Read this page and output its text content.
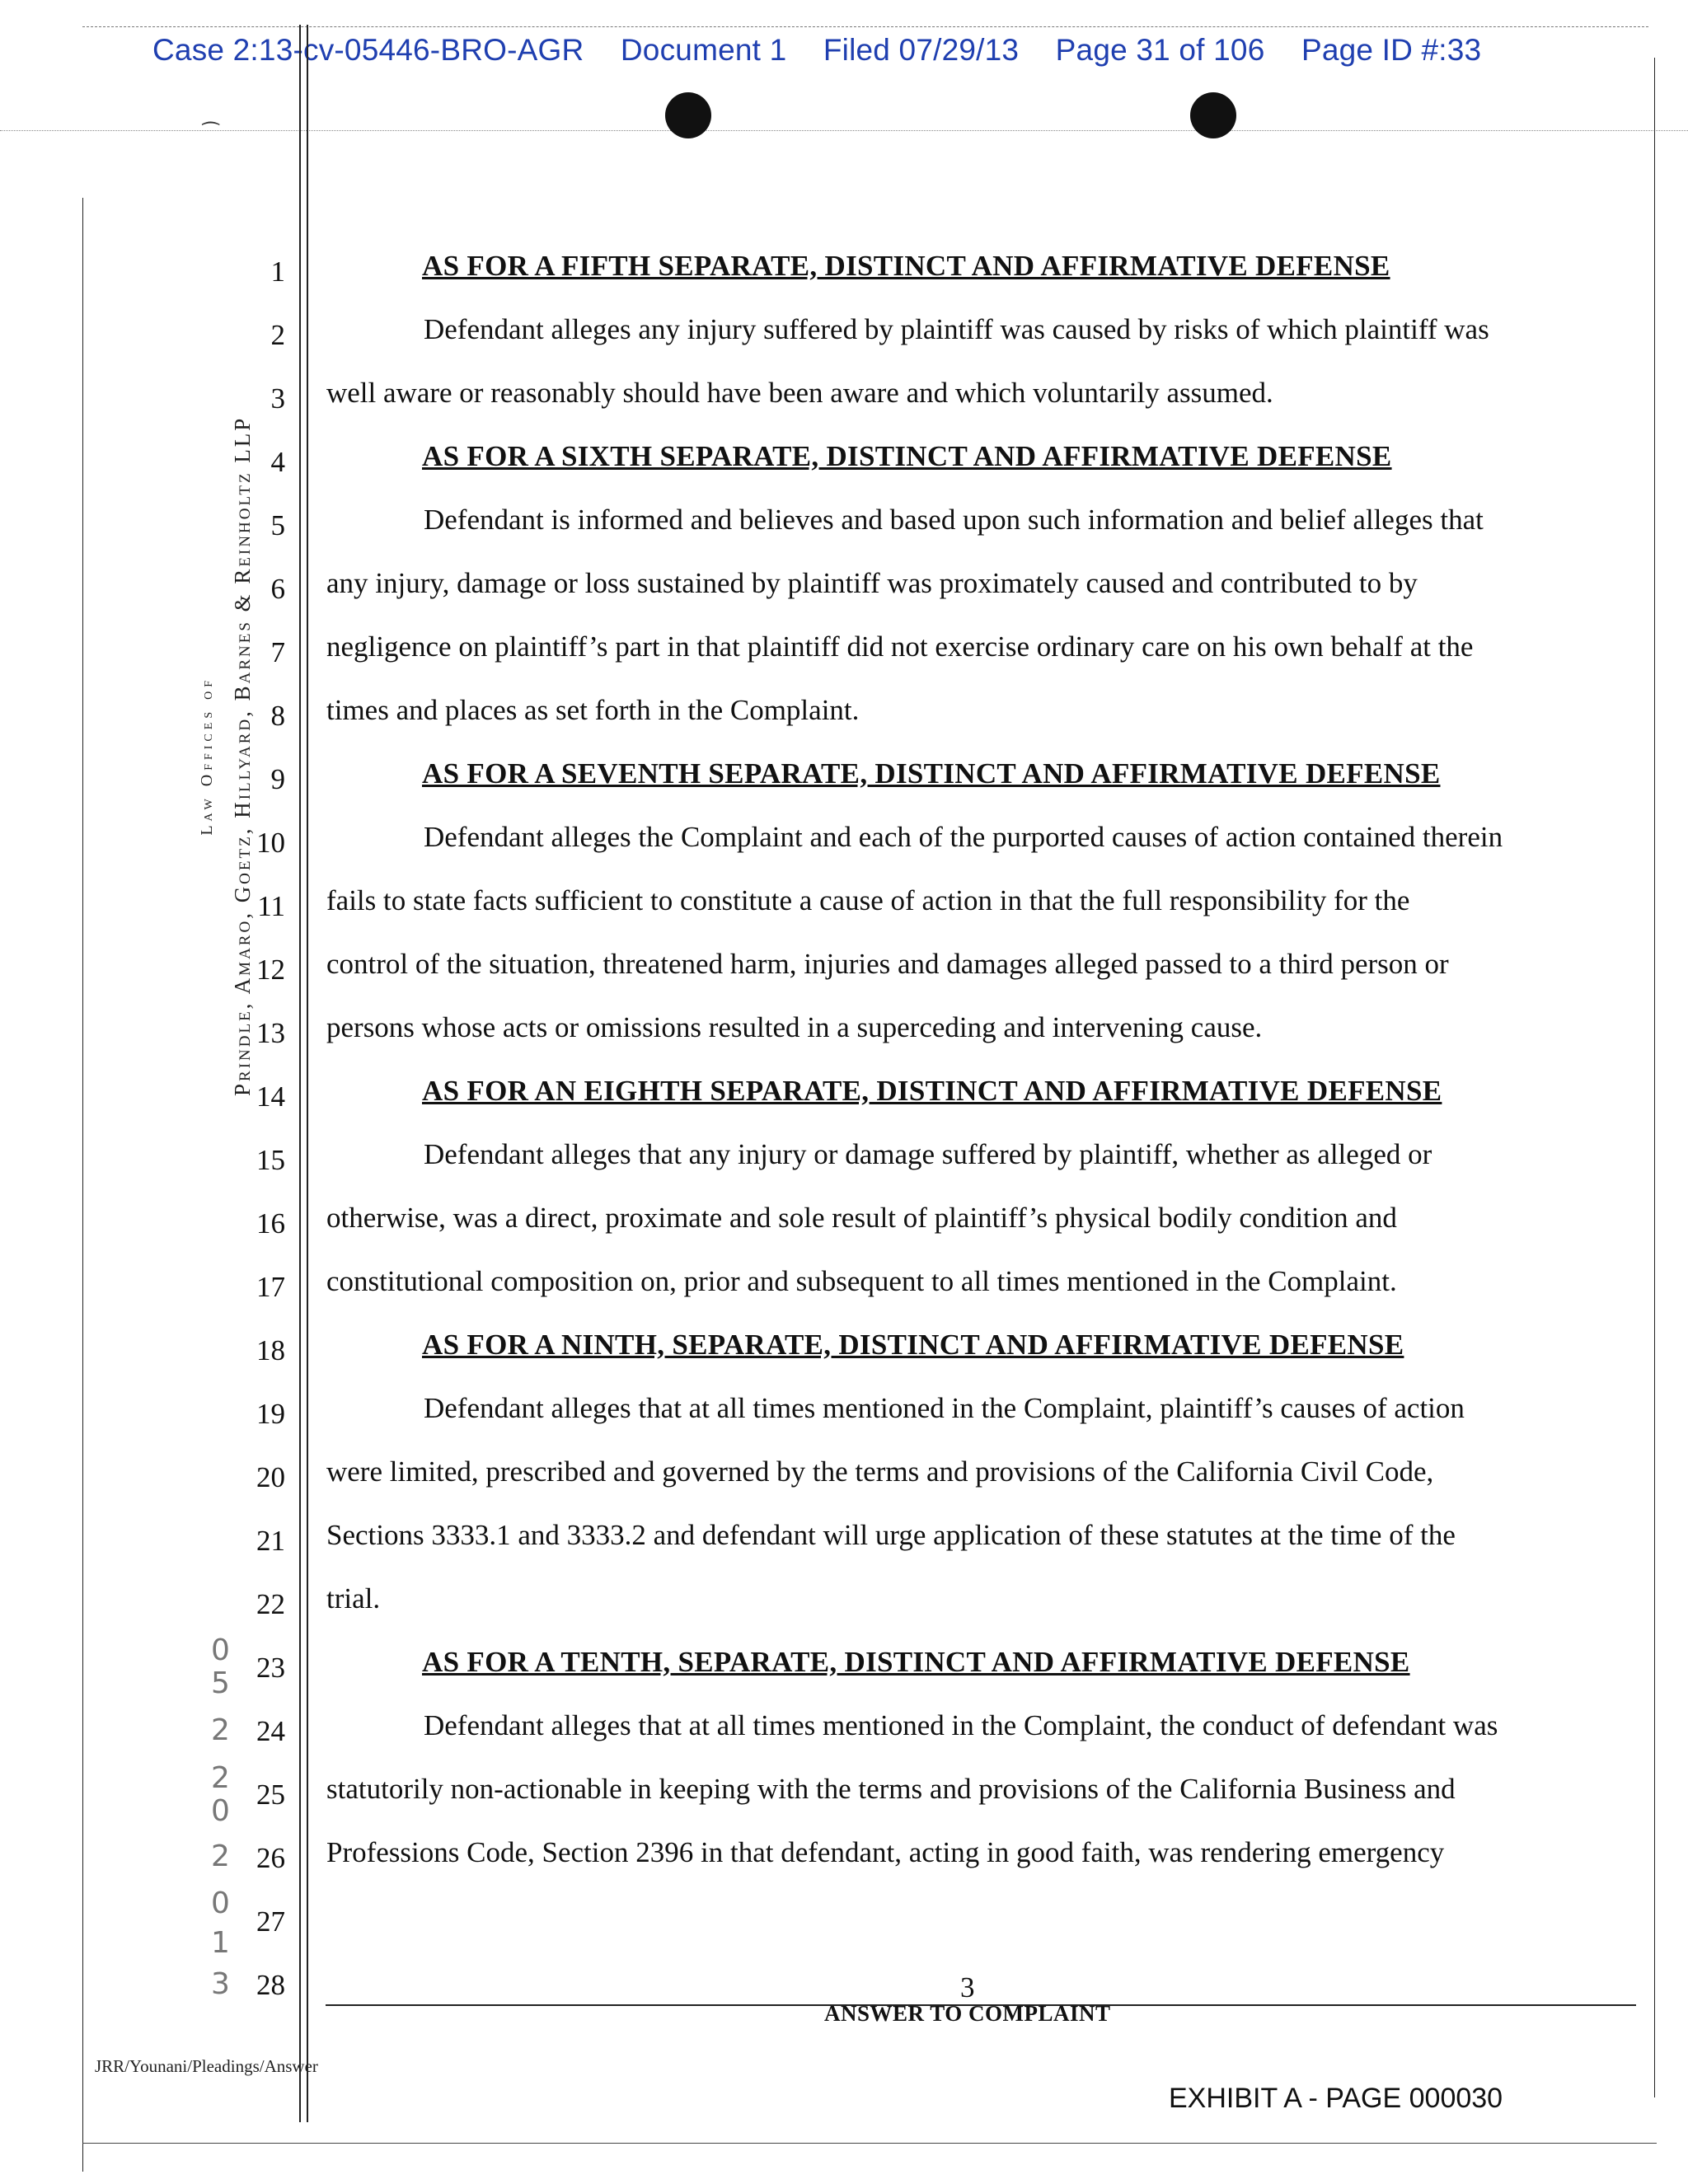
Case 2:13-cv-05446-BRO-AGR Document 1 Filed 07/29/13 Page 31 of 106 Page ID #:33
⁀
Law Offices of Prindle, Amaro, Goetz, Hillyard, Barnes & Reinholtz LLP
1
2
3
4
5
6
7
8
9
10
11
12
13
14
15
16
17
18
19
20
21
22
23
24
25
26
27
28
0
5
2
2
0
2
0
1
3
AS FOR A FIFTH SEPARATE, DISTINCT AND AFFIRMATIVE DEFENSE
Defendant alleges any injury suffered by plaintiff was caused by risks of which plaintiff was
well aware or reasonably should have been aware and which voluntarily assumed.
AS FOR A SIXTH SEPARATE, DISTINCT AND AFFIRMATIVE DEFENSE
Defendant is informed and believes and based upon such information and belief alleges that
any injury, damage or loss sustained by plaintiff was proximately caused and contributed to by
negligence on plaintiff’s part in that plaintiff did not exercise ordinary care on his own behalf at the
times and places as set forth in the Complaint.
AS FOR A SEVENTH SEPARATE, DISTINCT AND AFFIRMATIVE DEFENSE
Defendant alleges the Complaint and each of the purported causes of action contained therein
fails to state facts sufficient to constitute a cause of action in that the full responsibility for the
control of the situation, threatened harm, injuries and damages alleged passed to a third person or
persons whose acts or omissions resulted in a superceding and intervening cause.
AS FOR AN EIGHTH SEPARATE, DISTINCT AND AFFIRMATIVE DEFENSE
Defendant alleges that any injury or damage suffered by plaintiff, whether as alleged or
otherwise, was a direct, proximate and sole result of plaintiff’s physical bodily condition and
constitutional composition on, prior and subsequent to all times mentioned in the Complaint.
AS FOR A NINTH, SEPARATE, DISTINCT AND AFFIRMATIVE DEFENSE
Defendant alleges that at all times mentioned in the Complaint, plaintiff’s causes of action
were limited, prescribed and governed by the terms and provisions of the California Civil Code,
Sections 3333.1 and 3333.2 and defendant will urge application of these statutes at the time of the
trial.
AS FOR A TENTH, SEPARATE, DISTINCT AND AFFIRMATIVE DEFENSE
Defendant alleges that at all times mentioned in the Complaint, the conduct of defendant was
statutorily non-actionable in keeping with the terms and provisions of the California Business and
Professions Code, Section 2396 in that defendant, acting in good faith, was rendering emergency
3
ANSWER TO COMPLAINT
JRR/Younani/Pleadings/Answer
EXHIBIT A - PAGE 000030
